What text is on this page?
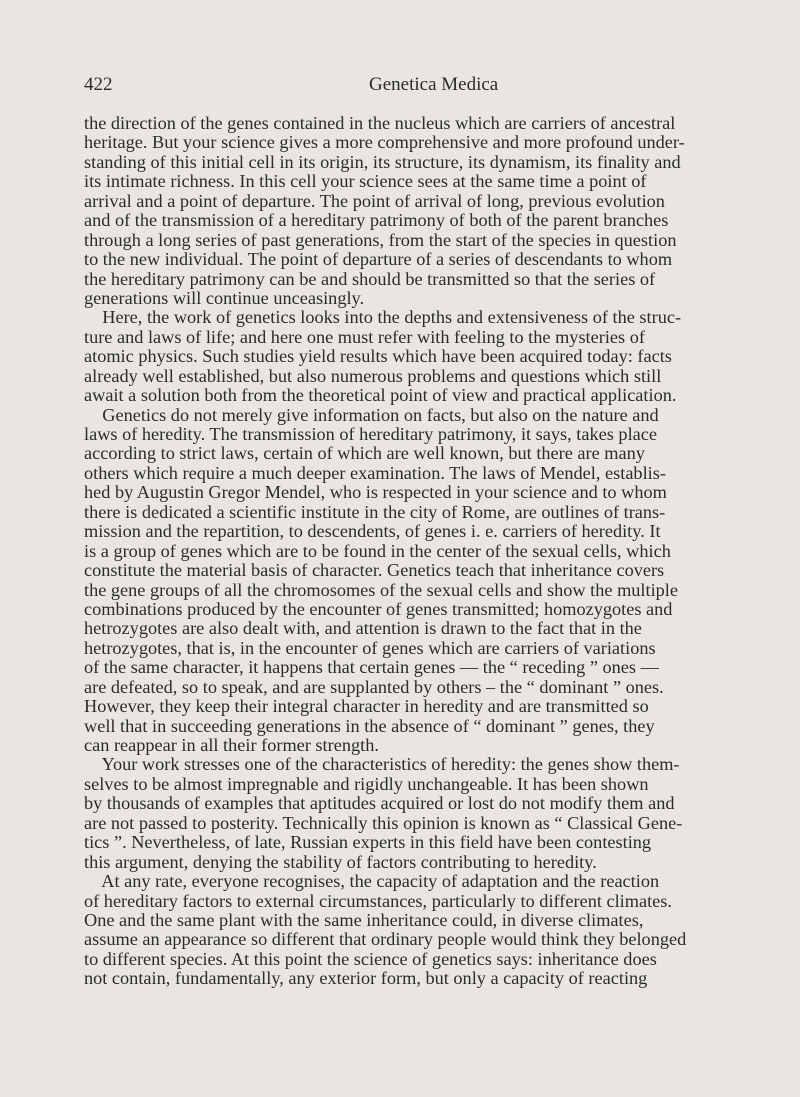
422	Genetica Medica
the direction of the genes contained in the nucleus which are carriers of ancestral
heritage. But your science gives a more comprehensive and more profound under-
standing of this initial cell in its origin, its structure, its dynamism, its finality and
its intimate richness. In this cell your science sees at the same time a point of
arrival and a point of departure. The point of arrival of long, previous evolution
and of the transmission of a hereditary patrimony of both of the parent branches
through a long series of past generations, from the start of the species in question
to the new individual. The point of departure of a series of descendants to whom
the hereditary patrimony can be and should be transmitted so that the series of
generations will continue unceasingly.
Here, the work of genetics looks into the depths and extensiveness of the struc-
ture and laws of life; and here one must refer with feeling to the mysteries of
atomic physics. Such studies yield results which have been acquired today: facts
already well established, but also numerous problems and questions which still
await a solution both from the theoretical point of view and practical application.
Genetics do not merely give information on facts, but also on the nature and
laws of heredity. The transmission of hereditary patrimony, it says, takes place
according to strict laws, certain of which are well known, but there are many
others which require a much deeper examination. The laws of Mendel, establis-
hed by Augustin Gregor Mendel, who is respected in your science and to whom
there is dedicated a scientific institute in the city of Rome, are outlines of trans-
mission and the repartition, to descendents, of genes i. e. carriers of heredity. It
is a group of genes which are to be found in the center of the sexual cells, which
constitute the material basis of character. Genetics teach that inheritance covers
the gene groups of all the chromosomes of the sexual cells and show the multiple
combinations produced by the encounter of genes transmitted; homozygotes and
hetrozygotes are also dealt with, and attention is drawn to the fact that in the
hetrozygotes, that is, in the encounter of genes which are carriers of variations
of the same character, it happens that certain genes — the “ receding ” ones —
are defeated, so to speak, and are supplanted by others – the “ dominant ” ones.
However, they keep their integral character in heredity and are transmitted so
well that in succeeding generations in the absence of “ dominant ” genes, they
can reappear in all their former strength.
Your work stresses one of the characteristics of heredity: the genes show them-
selves to be almost impregnable and rigidly unchangeable. It has been shown
by thousands of examples that aptitudes acquired or lost do not modify them and
are not passed to posterity. Technically this opinion is known as “ Classical Gene-
tics ”. Nevertheless, of late, Russian experts in this field have been contesting
this argument, denying the stability of factors contributing to heredity.
At any rate, everyone recognises, the capacity of adaptation and the reaction
of hereditary factors to external circumstances, particularly to different climates.
One and the same plant with the same inheritance could, in diverse climates,
assume an appearance so different that ordinary people would think they belonged
to different species. At this point the science of genetics says: inheritance does
not contain, fundamentally, any exterior form, but only a capacity of reacting
